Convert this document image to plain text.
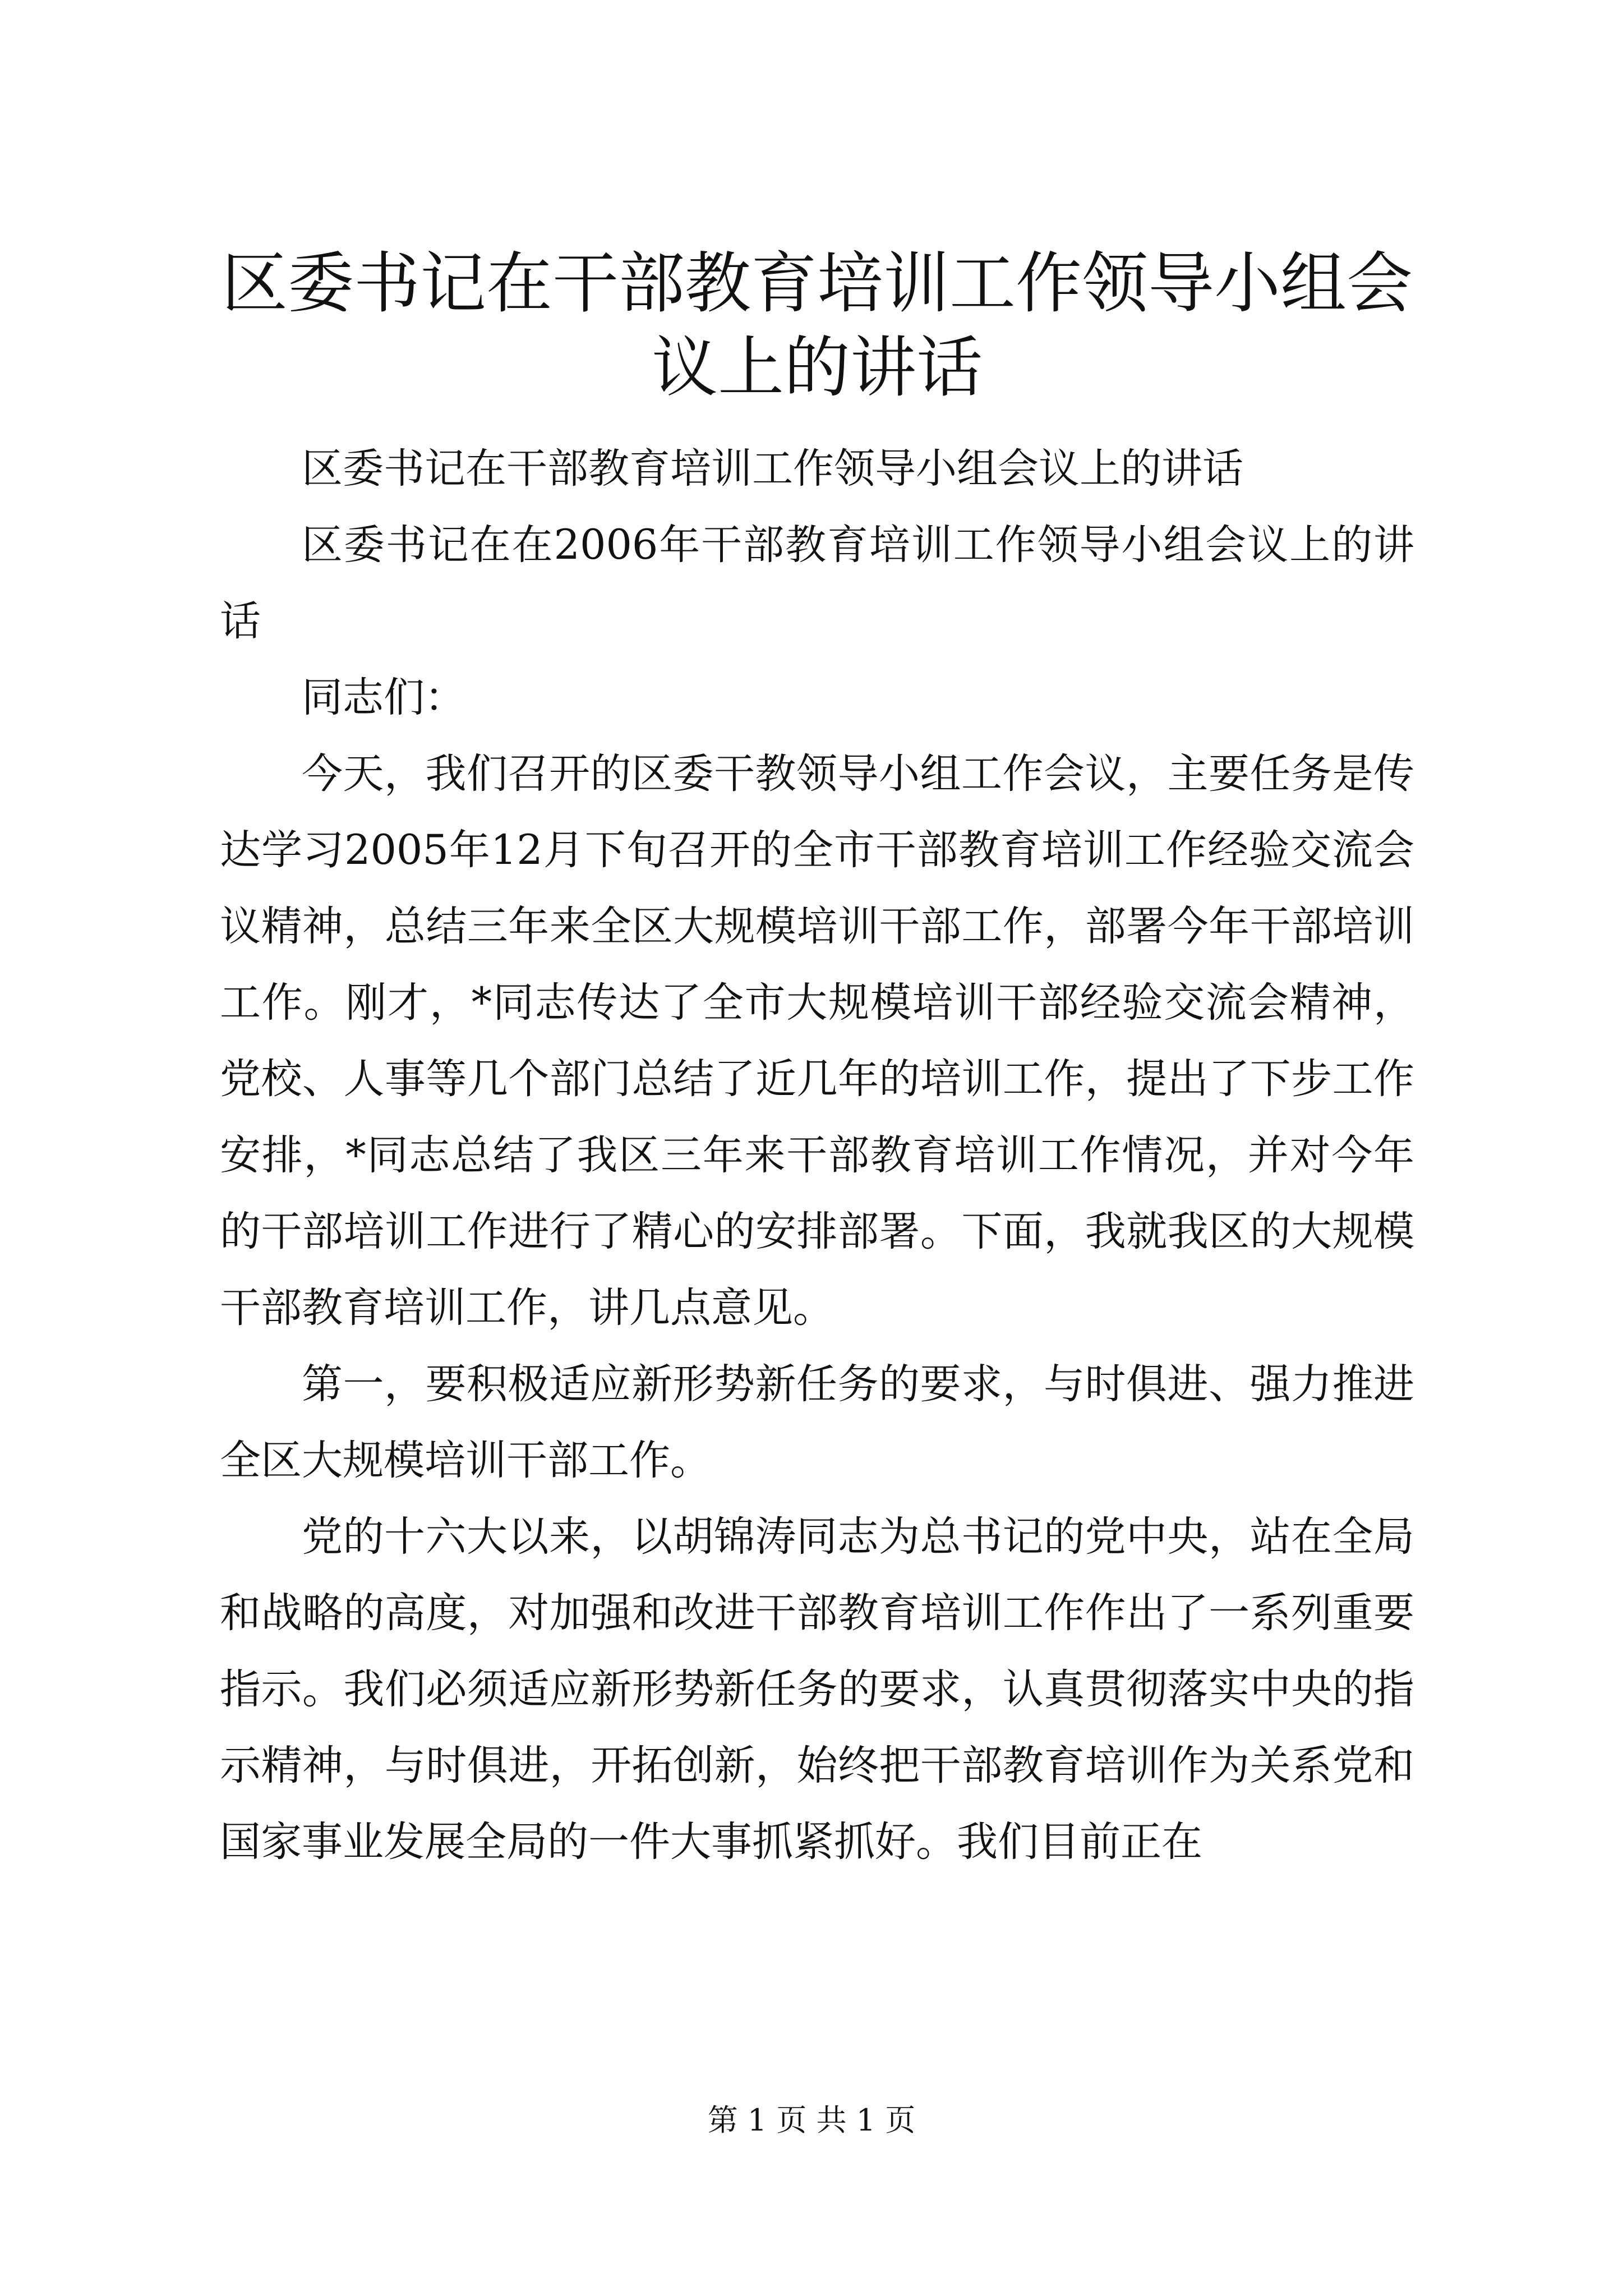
区委书记在干部教育培训工作领导小组会议上的讲话

区委书记在干部教育培训工作领导小组会议上的讲话

区委书记在在2006年干部教育培训工作领导小组会议上的讲话

同志们：

今天，我们召开的区委干教领导小组工作会议，主要任务是传达学习2005年12月下旬召开的全市干部教育培训工作经验交流会议精神，总结三年来全区大规模培训干部工作，部署今年干部培训工作。刚才，*同志传达了全市大规模培训干部经验交流会精神，党校、人事等几个部门总结了近几年的培训工作，提出了下步工作安排，*同志总结了我区三年来干部教育培训工作情况，并对今年的干部培训工作进行了精心的安排部署。下面，我就我区的大规模干部教育培训工作，讲几点意见。

第一，要积极适应新形势新任务的要求，与时俱进、强力推进全区大规模培训干部工作。

党的十六大以来，以胡锦涛同志为总书记的党中央，站在全局和战略的高度，对加强和改进干部教育培训工作作出了一系列重要指示。我们必须适应新形势新任务的要求，认真贯彻落实中央的指示精神，与时俱进，开拓创新，始终把干部教育培训作为关系党和国家事业发展全局的一件大事抓紧抓好。我们目前正在

第 1 页 共 1 页
